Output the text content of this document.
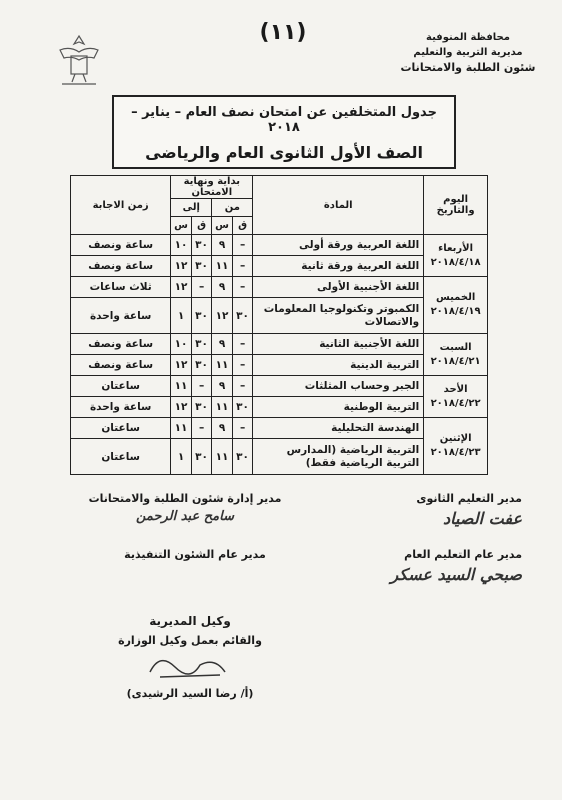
(١١)	محافظة المنوفية
مديرية التربية والتعليم
شئون الطلبة والامتحانات
جدول المتخلفين عن امتحان نصف العام – يناير – ٢٠١٨
الصف الأول الثانوى العام والرياضى
اليوم والتاريخ	المادة	بداية ونهاية الامتحان				زمن الاجابة
		من		إلى		
		ق	س	ق	س	

الأربعاء
٢٠١٨/٤/١٨	اللغة العربية ورقة أولى	–	٩	٣٠	١٠	ساعة ونصف
	اللغة العربية ورقة ثانية	–	١١	٣٠	١٢	ساعة ونصف

الخميس
٢٠١٨/٤/١٩	اللغة الأجنبية الأولى	–	٩	–	١٢	ثلاث ساعات
	الكمبوتر وتكنولوجيا المعلومات والاتصالات	٣٠	١٢	٣٠	١	ساعة واحدة

السبت
٢٠١٨/٤/٢١	اللغة الأجنبية الثانية	–	٩	٣٠	١٠	ساعة ونصف
	التربية الدينية	–	١١	٣٠	١٢	ساعة ونصف

الأحد
٢٠١٨/٤/٢٢	الجبر وحساب المثلثات	–	٩	–	١١	ساعتان
	التربية الوطنية	٣٠	١١	٣٠	١٢	ساعة واحدة

الإثنين
٢٠١٨/٤/٢٣	الهندسة التحليلية	–	٩	–	١١	ساعتان
	التربية الرياضية (المدارس التربية الرياضية فقط)	٣٠	١١	٣٠	١	ساعتان
مدير التعليم الثانوى
عفت الصياد
مدير عام التعليم العام
صبحي السيد عسكر
مدير إدارة شئون الطلبة والامتحانات
سامح عبد الرحمن
مدير عام الشئون التنفيذية
وكيل المديرية
والقائم بعمل وكيل الوزارة
(أ/ رضا السيد الرشيدى)
